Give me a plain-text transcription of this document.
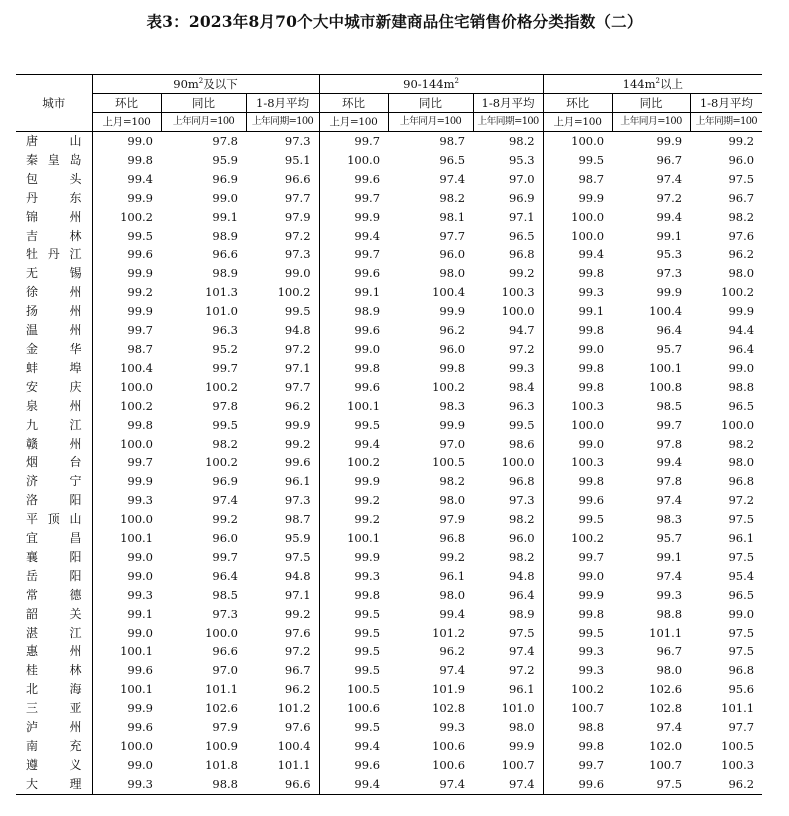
表3：2023年8月70个大中城市新建商品住宅销售价格分类指数（二）
城市	$90m^2$及以下			$90-144m^2$			$144m^2$以上		
	环比	同比	1-8月平均	环比	同比	1-8月平均	环比	同比	1-8月平均
	上月=100	上年同月=100	上年同期=100	上月=100	上年同月=100	上年同期=100	上月=100	上年同月=100	上年同期=100
唐山	99.0	97.8	97.3	99.7	98.7	98.2	100.0	99.9	99.2
秦皇岛	99.8	95.9	95.1	100.0	96.5	95.3	99.5	96.7	96.0
包头	99.4	96.9	96.6	99.6	97.4	97.0	98.7	97.4	97.5
丹东	99.9	99.0	97.7	99.7	98.2	96.9	99.9	97.2	96.7
锦州	100.2	99.1	97.9	99.9	98.1	97.1	100.0	99.4	98.2
吉林	99.5	98.9	97.2	99.4	97.7	96.5	100.0	99.1	97.6
牡丹江	99.6	96.6	97.3	99.7	96.0	96.8	99.4	95.3	96.2
无锡	99.9	98.9	99.0	99.6	98.0	99.2	99.8	97.3	98.0
徐州	99.2	101.3	100.2	99.1	100.4	100.3	99.3	99.9	100.2
扬州	99.9	101.0	99.5	98.9	99.9	100.0	99.1	100.4	99.9
温州	99.7	96.3	94.8	99.6	96.2	94.7	99.8	96.4	94.4
金华	98.7	95.2	97.2	99.0	96.0	97.2	99.0	95.7	96.4
蚌埠	100.4	99.7	97.1	99.8	99.8	99.3	99.8	100.1	99.0
安庆	100.0	100.2	97.7	99.6	100.2	98.4	99.8	100.8	98.8
泉州	100.2	97.8	96.2	100.1	98.3	96.3	100.3	98.5	96.5
九江	99.8	99.5	99.9	99.5	99.9	99.5	100.0	99.7	100.0
赣州	100.0	98.2	99.2	99.4	97.0	98.6	99.0	97.8	98.2
烟台	99.7	100.2	99.6	100.2	100.5	100.0	100.3	99.4	98.0
济宁	99.9	96.9	96.1	99.9	98.2	96.8	99.8	97.8	96.8
洛阳	99.3	97.4	97.3	99.2	98.0	97.3	99.6	97.4	97.2
平顶山	100.0	99.2	98.7	99.2	97.9	98.2	99.5	98.3	97.5
宜昌	100.1	96.0	95.9	100.1	96.8	96.0	100.2	95.7	96.1
襄阳	99.0	99.7	97.5	99.9	99.2	98.2	99.7	99.1	97.5
岳阳	99.0	96.4	94.8	99.3	96.1	94.8	99.0	97.4	95.4
常德	99.3	98.5	97.1	99.8	98.0	96.4	99.9	99.3	96.5
韶关	99.1	97.3	99.2	99.5	99.4	98.9	99.8	98.8	99.0
湛江	99.0	100.0	97.6	99.5	101.2	97.5	99.5	101.1	97.5
惠州	100.1	96.6	97.2	99.5	96.2	97.4	99.3	96.7	97.5
桂林	99.6	97.0	96.7	99.5	97.4	97.2	99.3	98.0	96.8
北海	100.1	101.1	96.2	100.5	101.9	96.1	100.2	102.6	95.6
三亚	99.9	102.6	101.2	100.6	102.8	101.0	100.7	102.8	101.1
泸州	99.6	97.9	97.6	99.5	99.3	98.0	98.8	97.4	97.7
南充	100.0	100.9	100.4	99.4	100.6	99.9	99.8	102.0	100.5
遵义	99.0	101.8	101.1	99.6	100.6	100.7	99.7	100.7	100.3
大理	99.3	98.8	96.6	99.4	97.4	97.4	99.6	97.5	96.2
